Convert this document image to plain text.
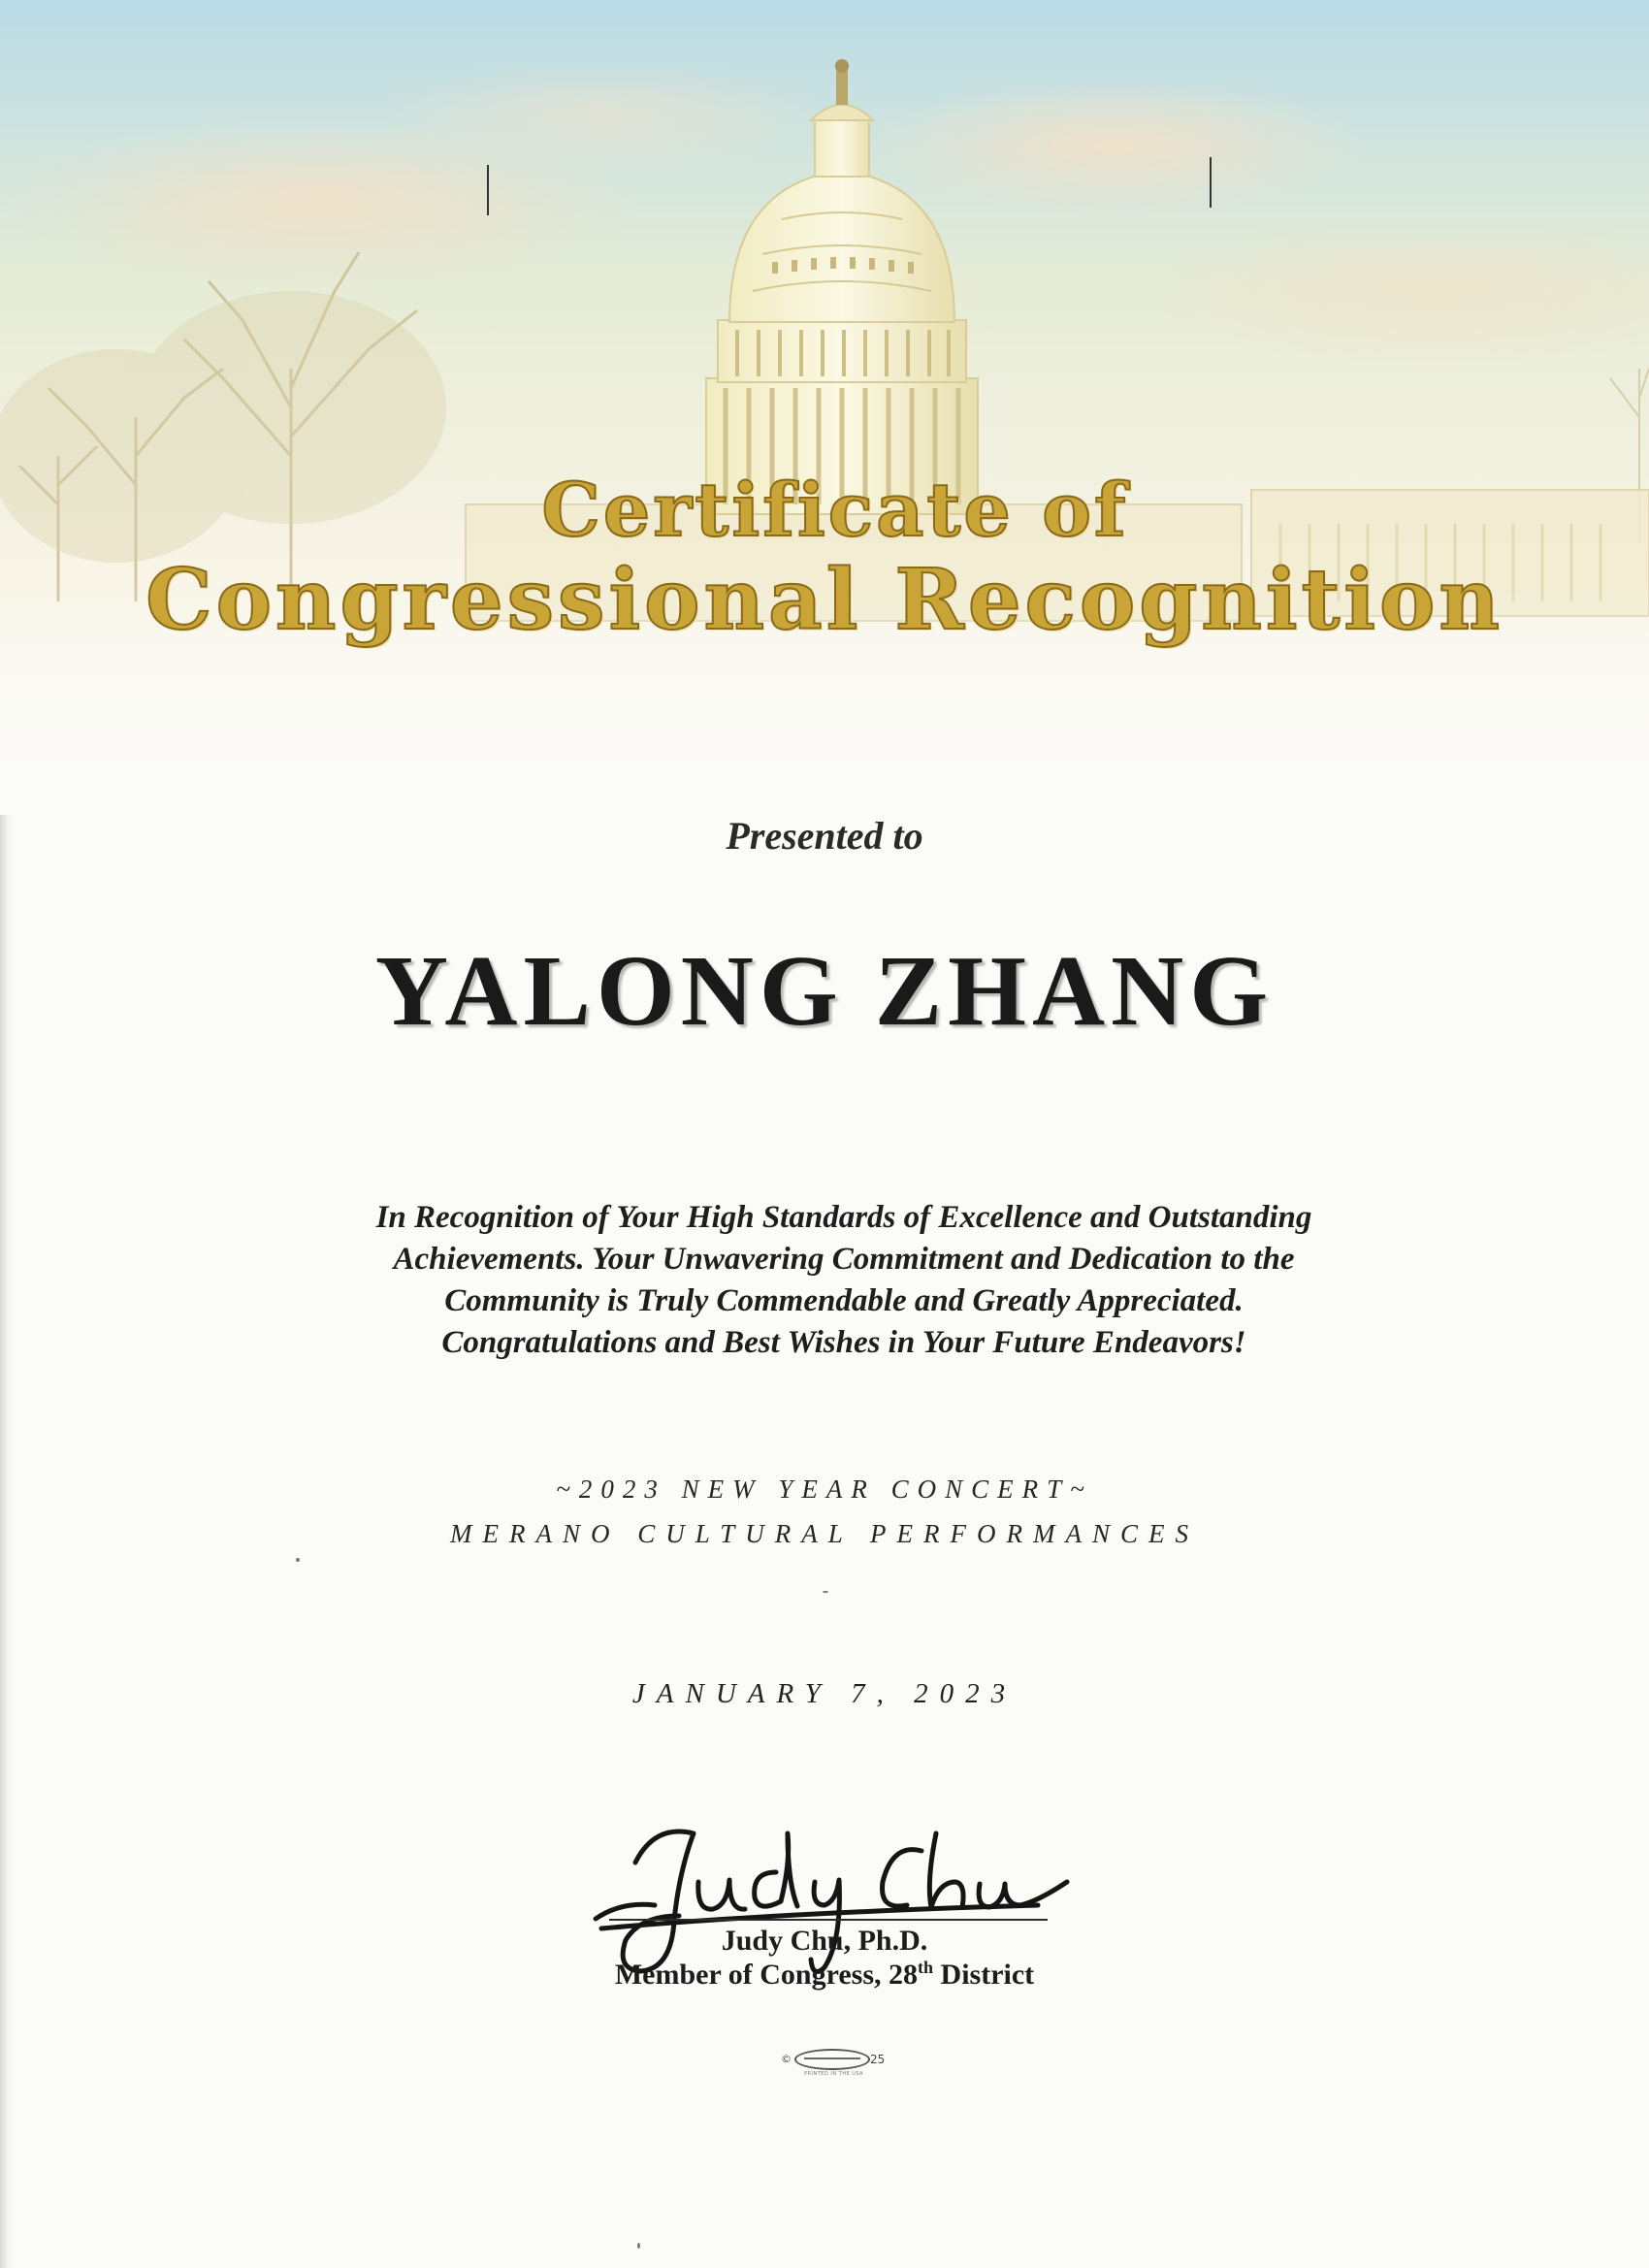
Certificate of
Congressional Recognition
Presented to
YALONG ZHANG
In Recognition of Your High Standards of Excellence and Outstanding
Achievements. Your Unwavering Commitment and Dedication to the
Community is Truly Commendable and Greatly Appreciated.
Congratulations and Best Wishes in Your Future Endeavors!
~2023 NEW YEAR CONCERT~
MERANO CULTURAL PERFORMANCES
JANUARY 7, 2023
Judy Chu, Ph.D.
Member of Congress, 28th District
©	25
PRINTED IN THE USA
